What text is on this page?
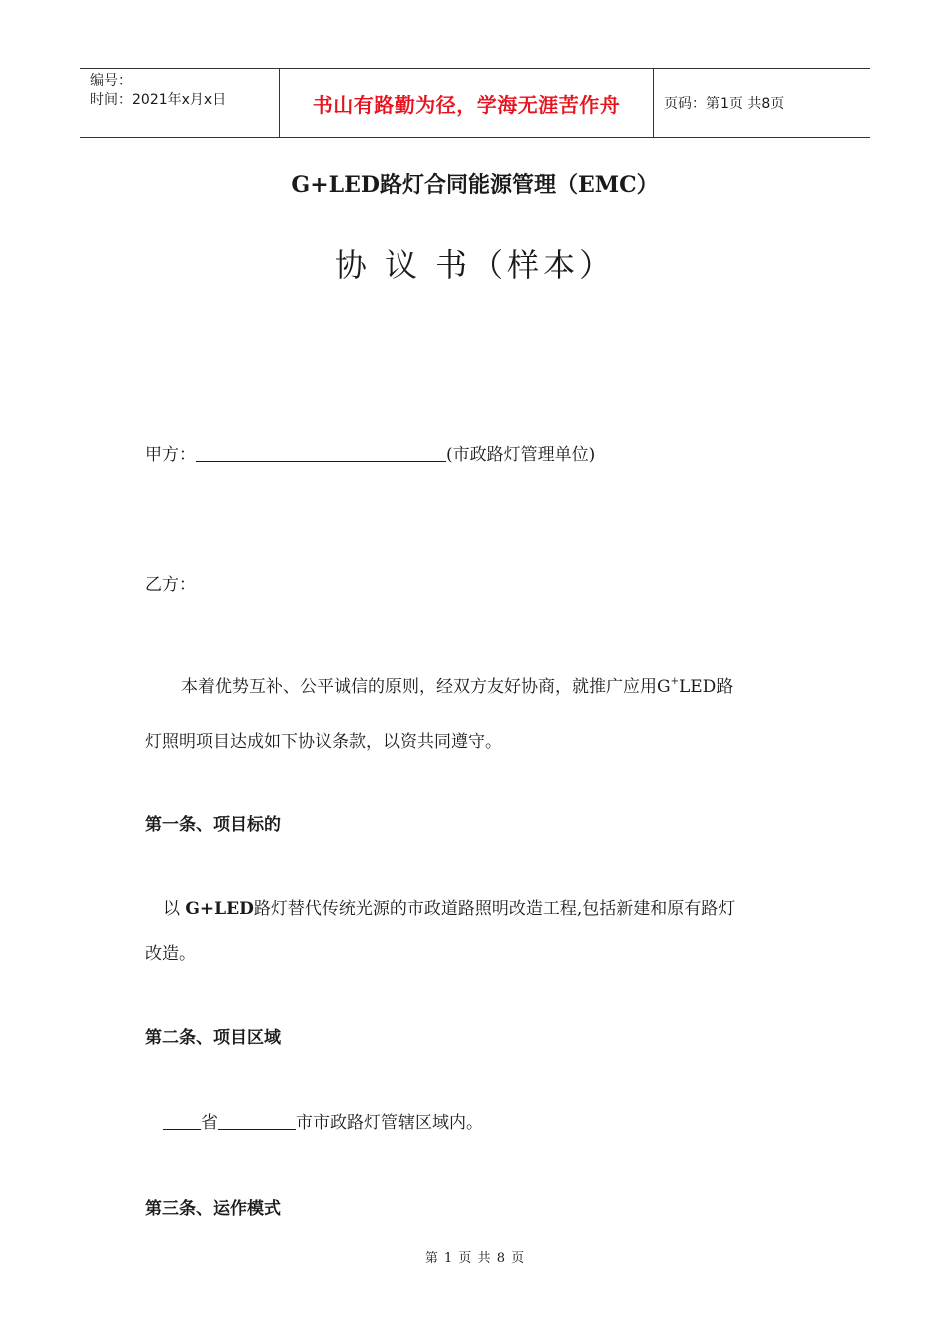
编号：
时间：2021年x月x日	书山有路勤为径，学海无涯苦作舟	页码：第1页 共8页
G+LED路灯合同能源管理（EMC）
协 议 书（样本）
甲方：	(市政路灯管理单位)
乙方：
本着优势互补、公平诚信的原则，经双方友好协商，就推广应用G+LED路
灯照明项目达成如下协议条款，以资共同遵守。
第一条、项目标的
以 G+LED路灯替代传统光源的市政道路照明改造工程,包括新建和原有路灯
改造。
第二条、项目区域
省	市市政路灯管辖区域内。
第三条、运作模式
第 1 页 共 8 页
